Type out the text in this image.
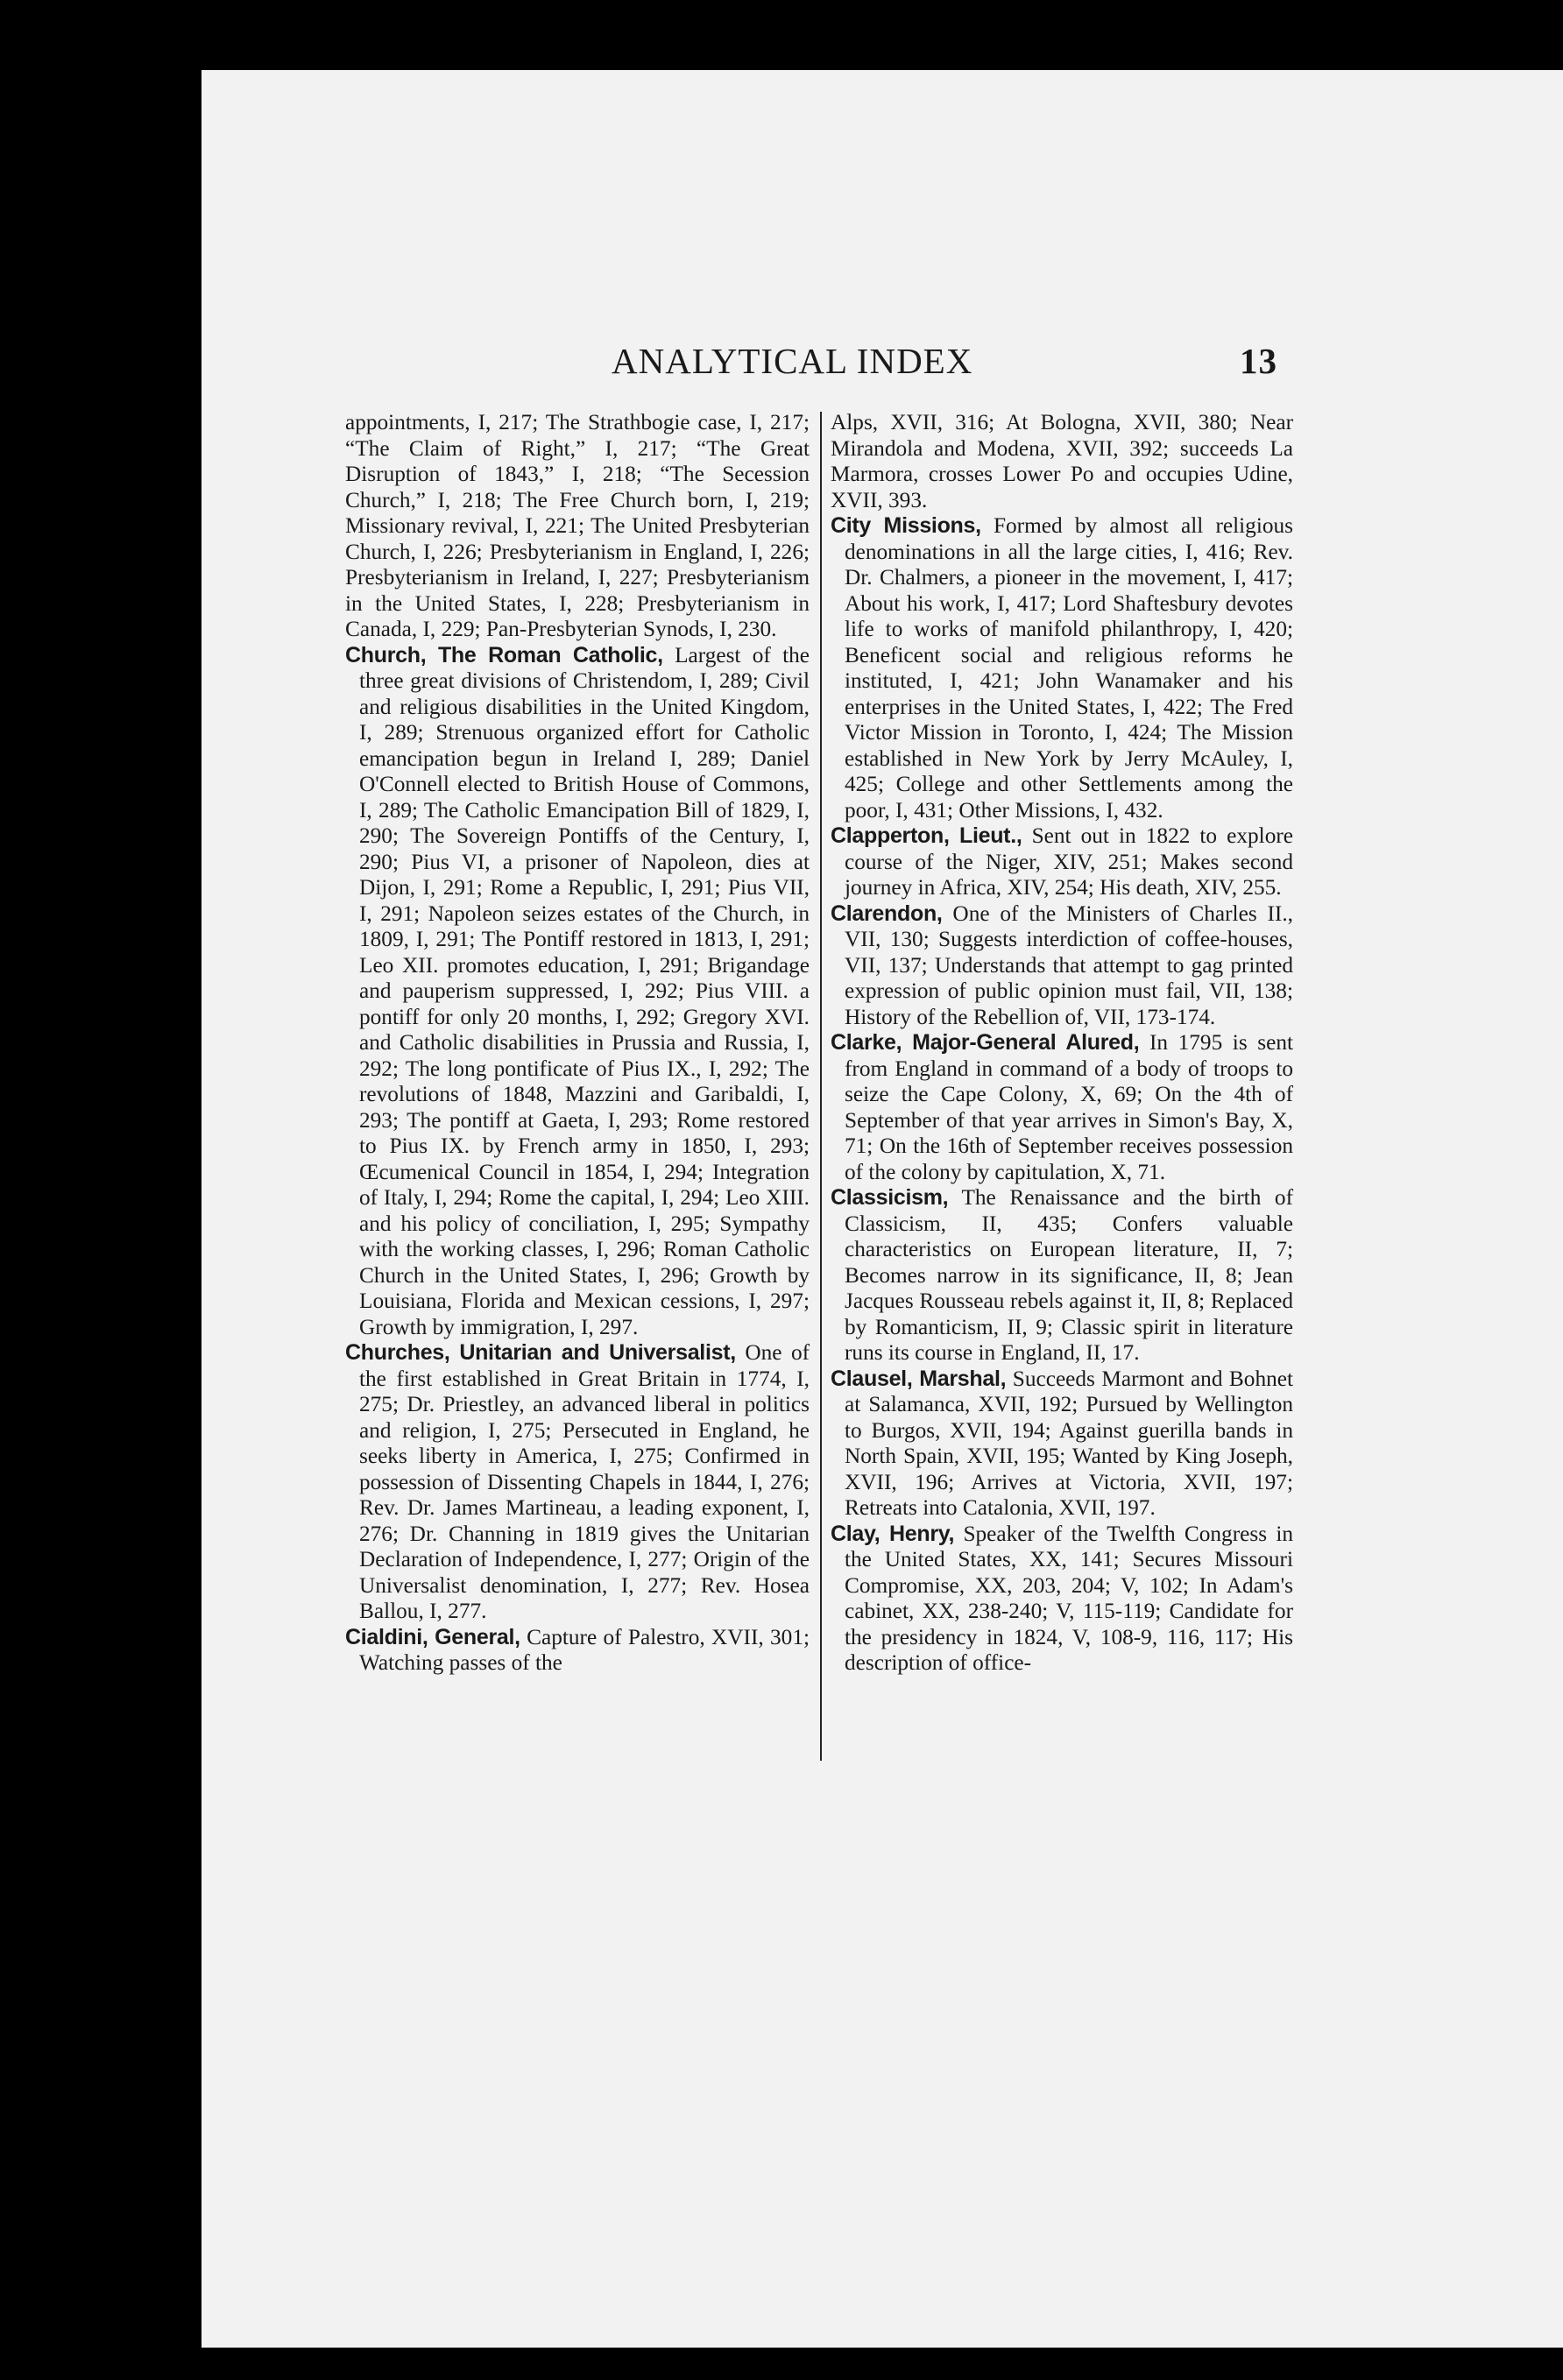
ANALYTICAL INDEX	13

appointments, I, 217; The Strathbogie case, I, 217; “The Claim of Right,” I, 217; “The Great Disruption of 1843,” I, 218; “The Secession Church,” I, 218; The Free Church born, I, 219; Missionary revival, I, 221; The United Presbyterian Church, I, 226; Presbyterianism in England, I, 226; Presbyterianism in Ireland, I, 227; Presbyterianism in the United States, I, 228; Presbyterianism in Canada, I, 229; Pan-Presbyterian Synods, I, 230.

Church, The Roman Catholic, Largest of the three great divisions of Christendom, I, 289; Civil and religious disabilities in the United Kingdom, I, 289; Strenuous organized effort for Catholic emancipation begun in Ireland I, 289; Daniel O'Connell elected to British House of Commons, I, 289; The Catholic Emancipation Bill of 1829, I, 290; The Sovereign Pontiffs of the Century, I, 290; Pius VI, a prisoner of Napoleon, dies at Dijon, I, 291; Rome a Republic, I, 291; Pius VII, I, 291; Napoleon seizes estates of the Church, in 1809, I, 291; The Pontiff restored in 1813, I, 291; Leo XII. promotes education, I, 291; Brigandage and pauperism suppressed, I, 292; Pius VIII. a pontiff for only 20 months, I, 292; Gregory XVI. and Catholic disabilities in Prussia and Russia, I, 292; The long pontificate of Pius IX., I, 292; The revolutions of 1848, Mazzini and Garibaldi, I, 293; The pontiff at Gaeta, I, 293; Rome restored to Pius IX. by French army in 1850, I, 293; Œcumenical Council in 1854, I, 294; Integration of Italy, I, 294; Rome the capital, I, 294; Leo XIII. and his policy of conciliation, I, 295; Sympathy with the working classes, I, 296; Roman Catholic Church in the United States, I, 296; Growth by Louisiana, Florida and Mexican cessions, I, 297; Growth by immigration, I, 297.

Churches, Unitarian and Universalist, One of the first established in Great Britain in 1774, I, 275; Dr. Priestley, an advanced liberal in politics and religion, I, 275; Persecuted in England, he seeks liberty in America, I, 275; Confirmed in possession of Dissenting Chapels in 1844, I, 276; Rev. Dr. James Martineau, a leading exponent, I, 276; Dr. Channing in 1819 gives the Unitarian Declaration of Independence, I, 277; Origin of the Universalist denomination, I, 277; Rev. Hosea Ballou, I, 277.

Cialdini, General, Capture of Palestro, XVII, 301; Watching passes of the

Alps, XVII, 316; At Bologna, XVII, 380; Near Mirandola and Modena, XVII, 392; succeeds La Marmora, crosses Lower Po and occupies Udine, XVII, 393.

City Missions, Formed by almost all religious denominations in all the large cities, I, 416; Rev. Dr. Chalmers, a pioneer in the movement, I, 417; About his work, I, 417; Lord Shaftesbury devotes life to works of manifold philanthropy, I, 420; Beneficent social and religious reforms he instituted, I, 421; John Wanamaker and his enterprises in the United States, I, 422; The Fred Victor Mission in Toronto, I, 424; The Mission established in New York by Jerry McAuley, I, 425; College and other Settlements among the poor, I, 431; Other Missions, I, 432.

Clapperton, Lieut., Sent out in 1822 to explore course of the Niger, XIV, 251; Makes second journey in Africa, XIV, 254; His death, XIV, 255.

Clarendon, One of the Ministers of Charles II., VII, 130; Suggests interdiction of coffee-houses, VII, 137; Understands that attempt to gag printed expression of public opinion must fail, VII, 138; History of the Rebellion of, VII, 173-174.

Clarke, Major-General Alured, In 1795 is sent from England in command of a body of troops to seize the Cape Colony, X, 69; On the 4th of September of that year arrives in Simon's Bay, X, 71; On the 16th of September receives possession of the colony by capitulation, X, 71.

Classicism, The Renaissance and the birth of Classicism, II, 435; Confers valuable characteristics on European literature, II, 7; Becomes narrow in its significance, II, 8; Jean Jacques Rousseau rebels against it, II, 8; Replaced by Romanticism, II, 9; Classic spirit in literature runs its course in England, II, 17.

Clausel, Marshal, Succeeds Marmont and Bohnet at Salamanca, XVII, 192; Pursued by Wellington to Burgos, XVII, 194; Against guerilla bands in North Spain, XVII, 195; Wanted by King Joseph, XVII, 196; Arrives at Victoria, XVII, 197; Retreats into Catalonia, XVII, 197.

Clay, Henry, Speaker of the Twelfth Congress in the United States, XX, 141; Secures Missouri Compromise, XX, 203, 204; V, 102; In Adam's cabinet, XX, 238-240; V, 115-119; Candidate for the presidency in 1824, V, 108-9, 116, 117; His description of office-
